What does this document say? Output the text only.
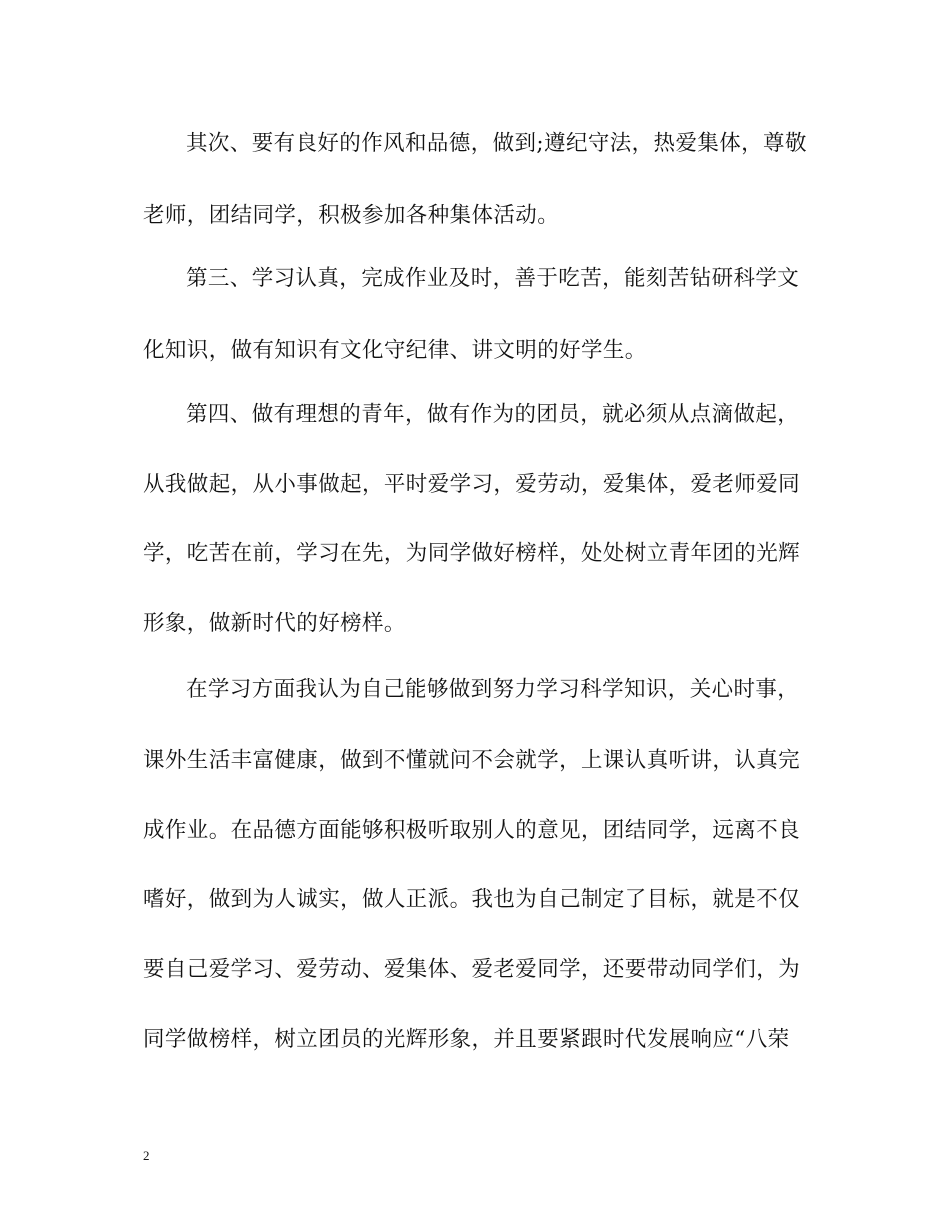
其次、要有良好的作风和品德，做到;遵纪守法，热爱集体，尊敬
老师，团结同学，积极参加各种集体活动。
第三、学习认真，完成作业及时，善于吃苦，能刻苦钻研科学文
化知识，做有知识有文化守纪律、讲文明的好学生。
第四、做有理想的青年，做有作为的团员，就必须从点滴做起，
从我做起，从小事做起，平时爱学习，爱劳动，爱集体，爱老师爱同
学，吃苦在前，学习在先，为同学做好榜样，处处树立青年团的光辉
形象，做新时代的好榜样。
在学习方面我认为自己能够做到努力学习科学知识，关心时事，
课外生活丰富健康，做到不懂就问不会就学，上课认真听讲，认真完
成作业。在品德方面能够积极听取别人的意见，团结同学，远离不良
嗜好，做到为人诚实，做人正派。我也为自己制定了目标，就是不仅
要自己爱学习、爱劳动、爱集体、爱老爱同学，还要带动同学们，为
同学做榜样，树立团员的光辉形象，并且要紧跟时代发展响应“八荣
2
